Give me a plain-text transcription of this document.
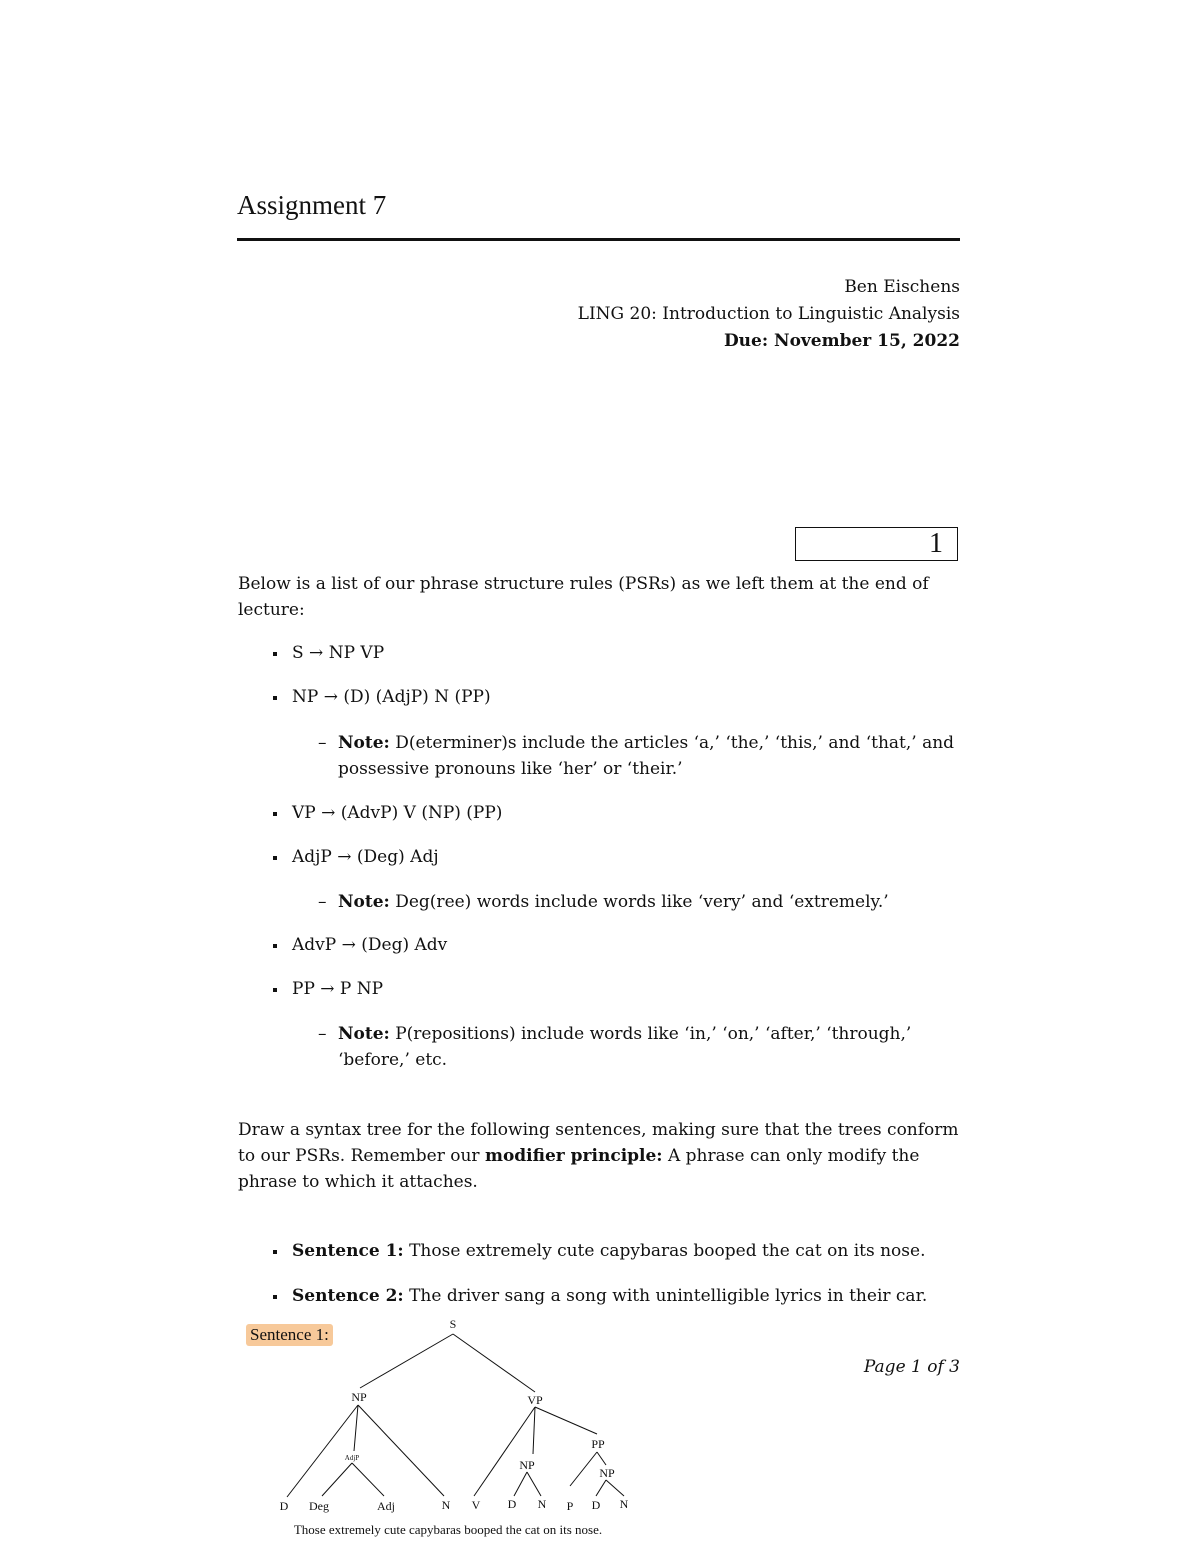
Assignment 7
Ben Eischens
LING 20: Introduction to Linguistic Analysis
Due: November 15, 2022
1
Below is a list of our phrase structure rules (PSRs) as we left them at the end of lecture:
S → NP VP
NP → (D) (AdjP) N (PP)
– Note: D(eterminer)s include the articles ‘a,’ ‘the,’ ‘this,’ and ‘that,’ and possessive pronouns like ‘her’ or ‘their.’
VP → (AdvP) V (NP) (PP)
AdjP → (Deg) Adj
– Note: Deg(ree) words include words like ‘very’ and ‘extremely.’
AdvP → (Deg) Adv
PP → P NP
– Note: P(repositions) include words like ‘in,’ ‘on,’ ‘after,’ ‘through,’ ‘before,’ etc.
Draw a syntax tree for the following sentences, making sure that the trees conform to our PSRs. Remember our modifier principle: A phrase can only modify the phrase to which it attaches.
Sentence 1: Those extremely cute capybaras booped the cat on its nose.
Sentence 2: The driver sang a song with unintelligible lyrics in their car.
Page 1 of 3
Sentence 1:
S
NP	VP
AdjP
PP
NP
NP
D Deg	Adj	N V D N P D N
Those extremely cute capybaras booped the cat on its nose.
